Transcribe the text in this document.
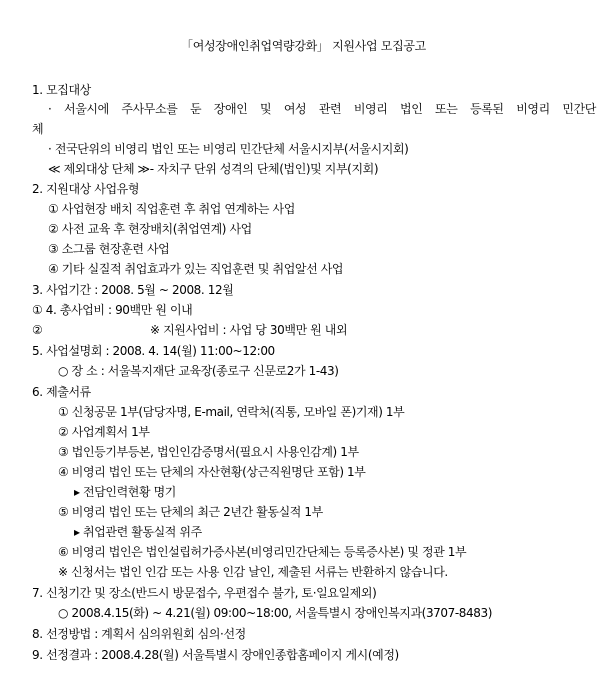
「여성장애인취업역량강화」 지원사업 모집공고
1. 모집대상
· 서울시에 주사무소를 둔 장애인 및 여성 관련 비영리 법인 또는 등록된 비영리 민간단
체
· 전국단위의 비영리 법인 또는 비영리 민간단체 서울시지부(서울시지회)
≪ 제외대상 단체 ≫- 자치구 단위 성격의 단체(법인)및 지부(지회)
2. 지원대상 사업유형
① 사업현장 배치 직업훈련 후 취업 연계하는 사업
② 사전 교육 후 현장배치(취업연계) 사업
③ 소그룹 현장훈련 사업
④ 기타 실질적 취업효과가 있는 직업훈련 및 취업알선 사업
3. 사업기간 : 2008. 5월 ~ 2008. 12월
① 4. 총사업비 : 90백만 원 이내
②	※ 지원사업비 : 사업 당 30백만 원 내외
5. 사업설명회 : 2008. 4. 14(월) 11:00~12:00
○ 장 소 : 서울복지재단 교육장(종로구 신문로2가 1-43)
6. 제출서류
① 신청공문 1부(담당자명, E-mail, 연락처(직통, 모바일 폰)기재) 1부
② 사업계획서 1부
③ 법인등기부등본, 법인인감증명서(필요시 사용인감계) 1부
④ 비영리 법인 또는 단체의 자산현황(상근직원명단 포함) 1부
▸ 전담인력현황 명기
⑤ 비영리 법인 또는 단체의 최근 2년간 활동실적 1부
▸ 취업관련 활동실적 위주
⑥ 비영리 법인은 법인설립허가증사본(비영리민간단체는 등록증사본) 및 정관 1부
※ 신청서는 법인 인감 또는 사용 인감 날인, 제출된 서류는 반환하지 않습니다.
7. 신청기간 및 장소(반드시 방문접수, 우편접수 불가, 토·일요일제외)
○ 2008.4.15(화) ~ 4.21(월) 09:00~18:00, 서울특별시 장애인복지과(3707-8483)
8. 선정방법 : 계획서 심의위원회 심의·선정
9. 선정결과 : 2008.4.28(월) 서울특별시 장애인종합홈페이지 게시(예정)
